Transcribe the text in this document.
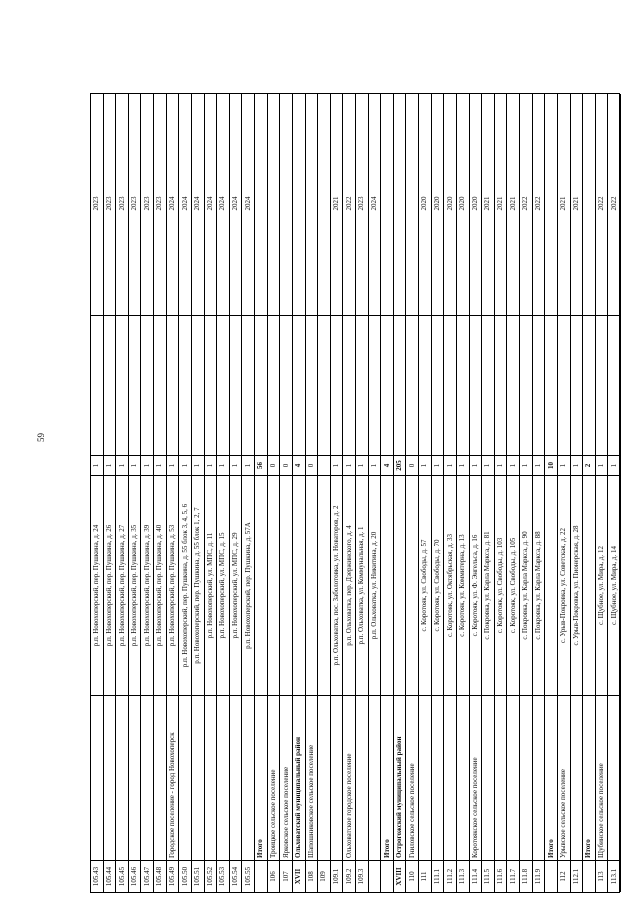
59
105.43
р.п. Новохоперский, пер. Пушкина, д. 24
1
2023
105.44
р.п. Новохоперский, пер. Пушкина, д. 26
1
2023
105.45
р.п. Новохоперский, пер. Пушкина, д. 27
1
2023
105.46
р.п. Новохоперский, пер. Пушкина, д. 35
1
2023
105.47
р.п. Новохоперский, пер. Пушкина, д. 39
1
2023
105.48
р.п. Новохоперский, пер. Пушкина, д. 40
1
2023
105.49
Городское поселение - город Новохоперск
р.п. Новохоперский, пер. Пушкина, д. 53
1
2024
105.50
р.п. Новохоперский, пер. Пушкина, д. 55 блок 3, 4, 5, 6
1
2024
105.51
р.п. Новохоперский, пер. Пушкина, д. 55 блок 1, 2, 7
1
2024
105.52
р.п. Новохоперский, ул. МПС, д. 11
1
2024
105.53
р.п. Новохоперский, ул. МПС, д. 15
1
2024
105.54
р.п. Новохоперский, ул. МПС, д. 29
1
2024
105.55
р.п. Новохоперский, пер. Пушкина, д. 57А
1
2024
Итого
56
106
Троицкое сельское поселение
0
107
Ярковское сельское поселение
0
XVII
Ольховатский муниципальный район
4
108
Шапошниковское сельское поселение
0
109 109.1
р.п. Ольховатка, пос. Заболотовка, ул. Новаторов, д. 2
1
2021
109.2
Ольховатское городское поселение
р.п. Ольховатка, пер. Дзержинского, д. 4
1
2022
109.3
р.п. Ольховатка, ул. Коммунальная, д. 1
1
2023
р.п. Ольховатка, ул. Никитина, д. 20
1
2024
Итого
4
XVIII
Острогожский муниципальный район
205
110
Гниловское сельское поселение
0
111
с. Коротояк, ул. Свободы, д. 57
1
2020
111.1
с. Коротояк, ул. Свободы, д. 70
1
2020
111.2
с. Коротояк, ул. Октябрьская, д. 33
1
2020
111.3
с. Коротояк, ул. Коммитерна, д. 13
1
2020
111.4
Коротоякское сельское поселение
с. Коротояк, ул. Ф. Энгельса, д. 16
1
2020
111.5
с. Покровка, ул. Карла Маркса, д. 81
1
2021
111.6
с. Коротояк, ул. Свободы, д. 103
1
2021
111.7
с. Коротояк, ул. Свободы, д. 105
1
2021
111.8
с. Покровка, ул. Карла Маркса, д. 90
1
2022
111.9
с. Покровка, ул. Карла Маркса, д. 88
1
2022
Итого
10
112
Урывское сельское поселение
с. Урыв-Покровка, ул. Советская, д. 22
1
2021
112.1
с. Урыв-Покровка, ул. Пионерская, д. 28
1
2021
Итого
2
113
Щубинское сельское поселение
с. Щубное, ул. Мира, д. 12
1
2022
113.1
с. Щубное, ул. Мира, д. 14
1
2022
